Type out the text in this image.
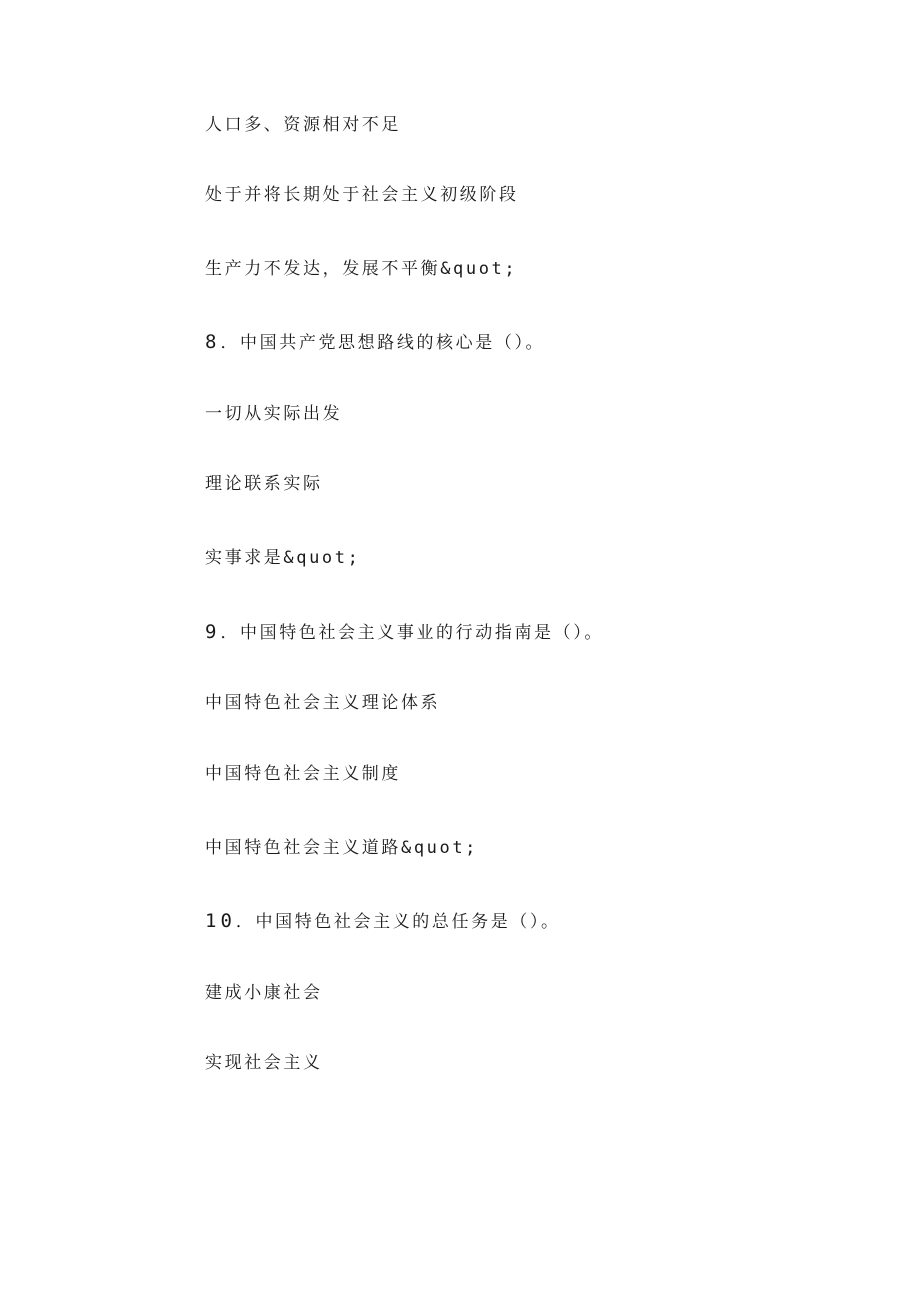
人口多、资源相对不足
处于并将长期处于社会主义初级阶段
生产力不发达，发展不平衡&quot;
8．中国共产党思想路线的核心是（）。
一切从实际出发
理论联系实际
实事求是&quot;
9．中国特色社会主义事业的行动指南是（）。
中国特色社会主义理论体系
中国特色社会主义制度
中国特色社会主义道路&quot;
10．中国特色社会主义的总任务是（）。
建成小康社会
实现社会主义
